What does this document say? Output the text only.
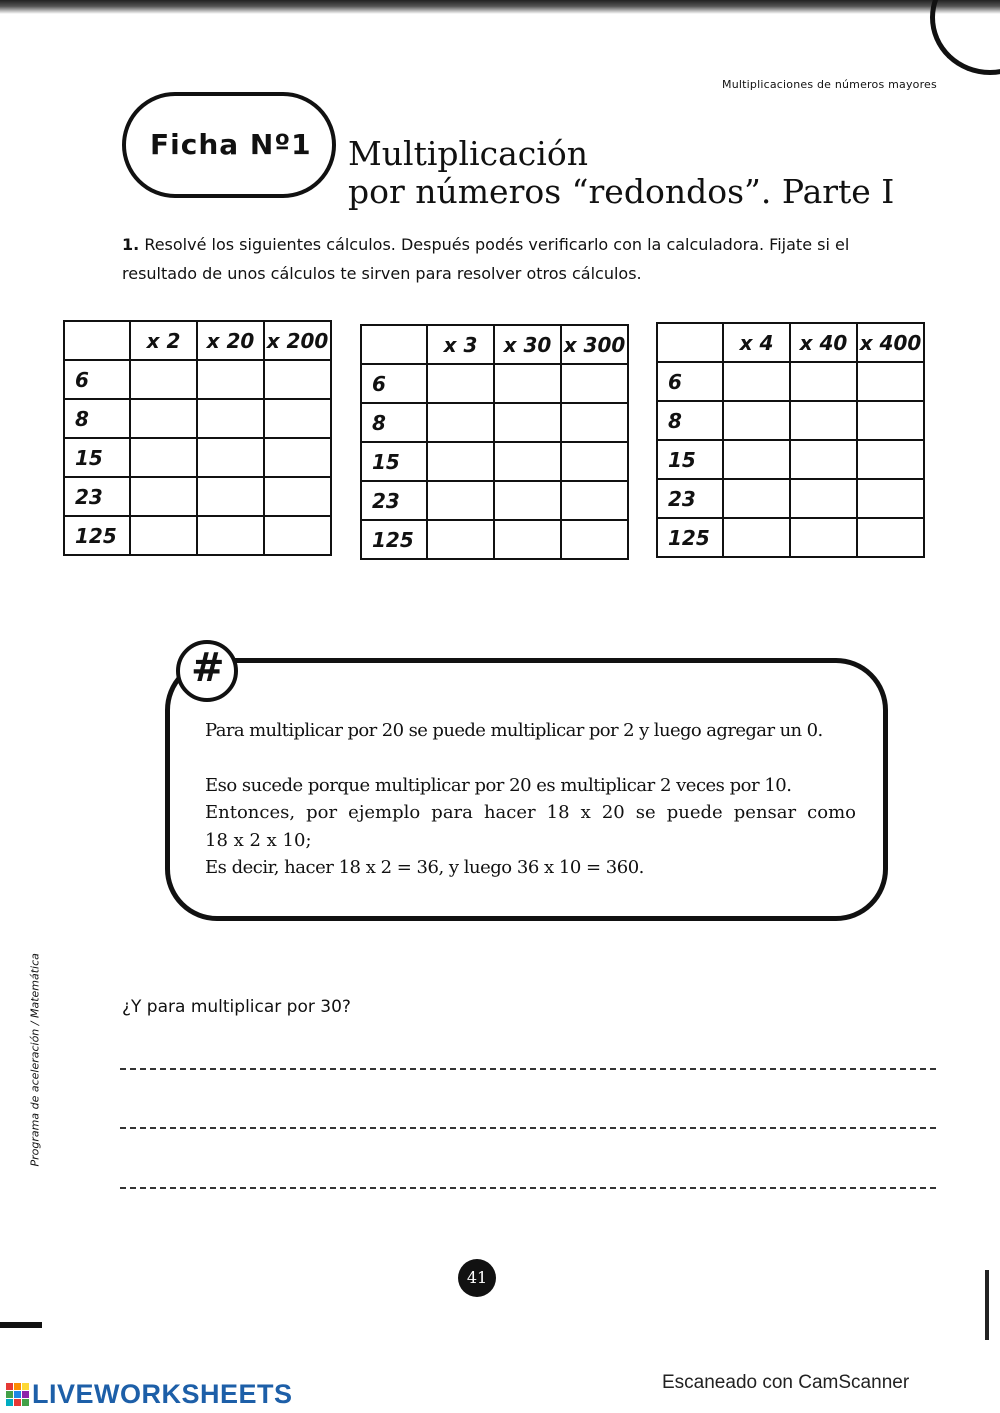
Multiplicaciones de números mayores
Ficha Nº1 Multiplicación
por números “redondos”. Parte I
1. Resolvé los siguientes cálculos. Después podés verificarlo con la calculadora. Fijate si el
resultado de unos cálculos te sirven para resolver otros cálculos.
	x 2	x 20	x 200
6			
8			
15			
23			
125			
	x 3	x 30	x 300
6			
8			
15			
23			
125			
	x 4	x 40	x 400
6			
8			
15			
23			
125			
#
Para multiplicar por 20 se puede multiplicar por 2 y luego agregar un 0.
Eso sucede porque multiplicar por 20 es multiplicar 2 veces por 10.
Entonces, por ejemplo para hacer 18 x 20 se puede pensar como
18 x 2 x 10;
Es decir, hacer 18 x 2 = 36, y luego 36 x 10 = 360.
¿Y para multiplicar por 30?
Programa de aceleración / Matemática
41
LIVEWORKSHEETS	Escaneado con CamScanner
